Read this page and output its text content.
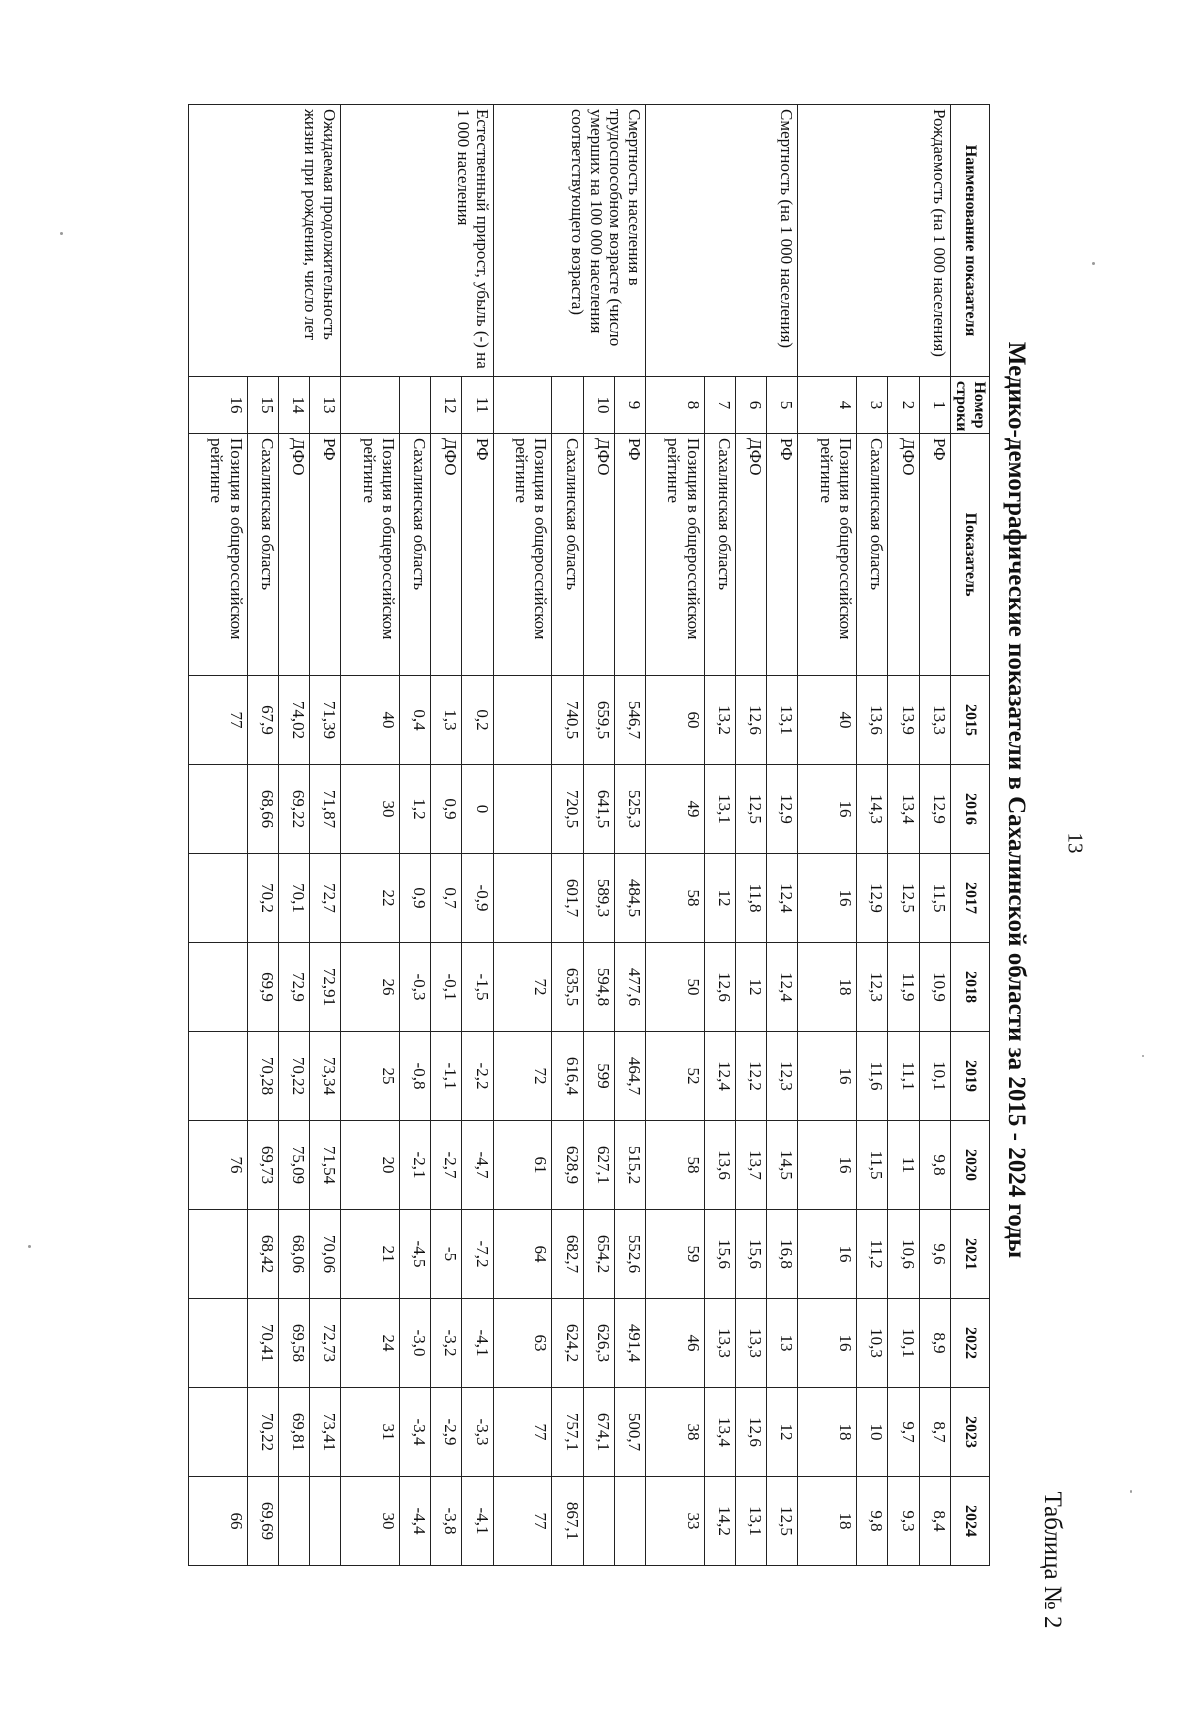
13
Таблица № 2
Медико-демографические показатели в Сахалинской области за 2015 - 2024 годы
Наименование показателя	Номер строки	Показатель	2015	2016	2017	2018	2019	2020	2021	2022	2023	2024
Рождаемость (на 1 000 населения)	1	РФ	13,3	12,9	11,5	10,9	10,1	9,8	9,6	8,9	8,7	8,4
	2	ДФО	13,9	13,4	12,5	11,9	11,1	11	10,6	10,1	9,7	9,3
	3	Сахалинская область	13,6	14,3	12,9	12,3	11,6	11,5	11,2	10,3	10	9,8
	4	Позиция в общероссийском рейтинге	40	16	16	18	16	16	16	16	18	18
Смертность (на 1 000 населения)	5	РФ	13,1	12,9	12,4	12,4	12,3	14,5	16,8	13	12	12,5
	6	ДФО	12,6	12,5	11,8	12	12,2	13,7	15,6	13,3	12,6	13,1
	7	Сахалинская область	13,2	13,1	12	12,6	12,4	13,6	15,6	13,3	13,4	14,2
	8	Позиция в общероссийском рейтинге	60	49	58	50	52	58	59	46	38	33
Смертность населения в трудоспособном возрасте (число умерших на 100 000 населения соответствующего возраста)	9	РФ	546,7	525,3	484,5	477,6	464,7	515,2	552,6	491,4	500,7	
	10	ДФО	659,5	641,5	589,3	594,8	599	627,1	654,2	626,3	674,1	
		Сахалинская область	740,5	720,5	601,7	635,5	616,4	628,9	682,7	624,2	757,1	867,1
		Позиция в общероссийском рейтинге				72	72	61	64	63	77	77
Естественный прирост, убыль (-) на 1 000 населения	11	РФ	0,2	0	-0,9	-1,5	-2,2	-4,7	-7,2	-4,1	-3,3	-4,1
	12	ДФО	1,3	0,9	0,7	-0,1	-1,1	-2,7	-5	-3,2	-2,9	-3,8
		Сахалинская область	0,4	1,2	0,9	-0,3	-0,8	-2,1	-4,5	-3,0	-3,4	-4,4
		Позиция в общероссийском рейтинге	40	30	22	26	25	20	21	24	31	30
Ожидаемая продолжительность жизни при рождении, число лет	13	РФ	71,39	71,87	72,7	72,91	73,34	71,54	70,06	72,73	73,41	
	14	ДФО	74,02	69,22	70,1	72,9	70,22	75,09	68,06	69,58	69,81	
	15	Сахалинская область	67,9	68,66	70,2	69,9	70,28	69,73	68,42	70,41	70,22	69,69
	16	Позиция в общероссийском рейтинге	77					76				66
